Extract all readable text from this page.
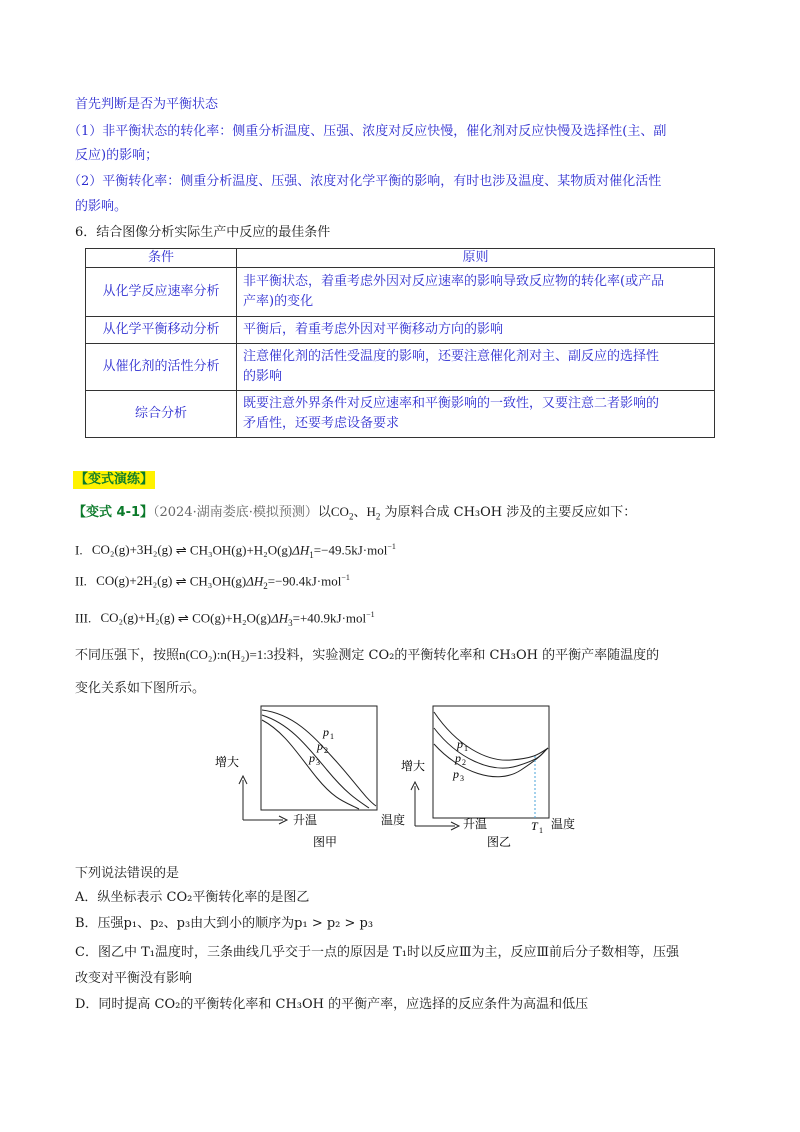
首先判断是否为平衡状态
（1）非平衡状态的转化率：侧重分析温度、压强、浓度对反应快慢，催化剂对反应快慢及选择性(主、副
反应)的影响；
（2）平衡转化率：侧重分析温度、压强、浓度对化学平衡的影响，有时也涉及温度、某物质对催化活性
的影响。
6．结合图像分析实际生产中反应的最佳条件
条件	原则
从化学反应速率分析	非平衡状态，着重考虑外因对反应速率的影响导致反应物的转化率(或产品
产率)的变化

从化学平衡移动分析	平衡后，着重考虑外因对平衡移动方向的影响

从催化剂的活性分析	注意催化剂的活性受温度的影响，还要注意催化剂对主、副反应的选择性
的影响

综合分析	既要注意外界条件对反应速率和平衡影响的一致性，又要注意二者影响的
矛盾性，还要考虑设备要求
【变式演练】
【变式 4-1】（2024·湖南娄底·模拟预测）以$CO_2$、$H_2$ 为原料合成 CH₃OH 涉及的主要反应如下：
I. CO₂(g)+3H₂(g) ⇌ $CH_3OH(g)+H_2O(g)\Delta H_1=-49.5kJ\cdot mol^{-1}$
II. CO(g)+2H₂(g) ⇌ $CH_3OH(g)\Delta H_2=-90.4kJ\cdot mol^{-1}$
III. CO₂(g)+H₂(g) ⇌ $CO(g)+H_2O(g)\Delta H_3=+40.9kJ\cdot mol^{-1}$
不同压强下，按照n(CO₂):n(H₂)=1:3投料，实验测定 CO₂的平衡转化率和 CH₃OH 的平衡产率随温度的
变化关系如下图所示。
增大
升温	温度
图甲
p 1
p 2
p 3	增大
升温	T 1 温度
图乙
p 1
p 2
p 3
下列说法错误的是
A．纵坐标表示 CO₂平衡转化率的是图乙
B．压强p₁、p₂、p₃由大到小的顺序为p₁ > p₂ > p₃
C．图乙中 T₁温度时，三条曲线几乎交于一点的原因是 T₁时以反应Ⅲ为主，反应Ⅲ前后分子数相等，压强
改变对平衡没有影响
D．同时提高 CO₂的平衡转化率和 CH₃OH 的平衡产率，应选择的反应条件为高温和低压
